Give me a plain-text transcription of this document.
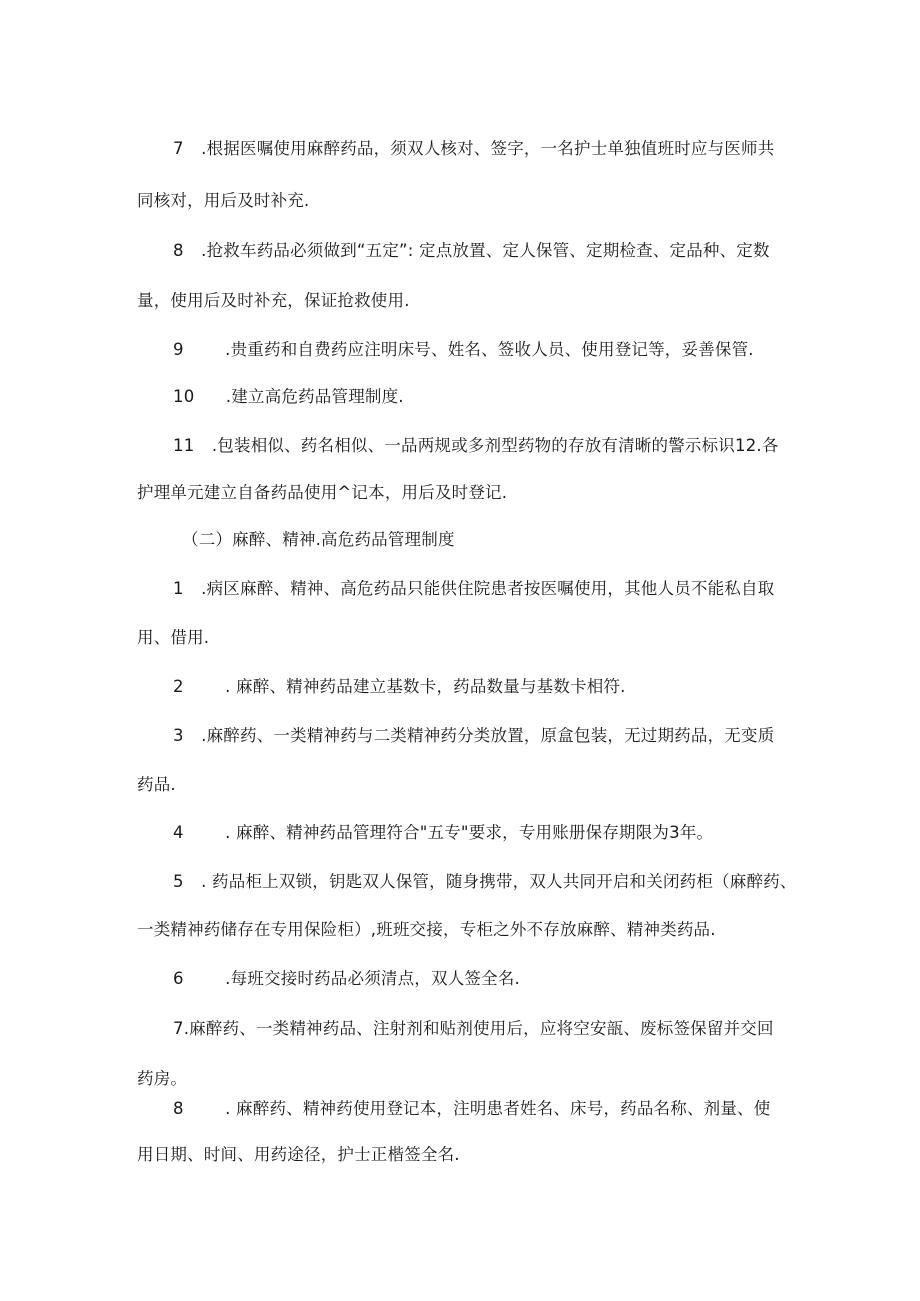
7 .根据医嘱使用麻醉药品，须双人核对、签字，一名护士单独值班时应与医师共
同核对，用后及时补充.
8 .抢救车药品必须做到“五定”: 定点放置、定人保管、定期检查、定品种、定数
量，使用后及时补充，保证抢救使用.
9	.贵重药和自费药应注明床号、姓名、签收人员、使用登记等，妥善保管.
10 .建立高危药品管理制度.
11 .包装相似、药名相似、一品两规或多剂型药物的存放有清晰的警示标识12.各
护理单元建立自备药品使用^记本，用后及时登记.
（二）麻醉、精神.高危药品管理制度
1 .病区麻醉、精神、高危药品只能供住院患者按医嘱使用，其他人员不能私自取
用、借用.
2	. 麻醉、精神药品建立基数卡，药品数量与基数卡相符.
3 .麻醉药、一类精神药与二类精神药分类放置，原盒包装，无过期药品，无变质
药品.
4	. 麻醉、精神药品管理符合"五专"要求，专用账册保存期限为3年。
5 . 药品柜上双锁，钥匙双人保管，随身携带，双人共同开启和关闭药柜（麻醉药、
一类精神药储存在专用保险柜）,班班交接，专柜之外不存放麻醉、精神类药品.
6	.每班交接时药品必须清点，双人签全名.
7.麻醉药、一类精神药品、注射剂和贴剂使用后，应将空安瓿、废标签保留并交回
药房。
8	. 麻醉药、精神药使用登记本，注明患者姓名、床号，药品名称、剂量、使
用日期、时间、用药途径，护士正楷签全名.
